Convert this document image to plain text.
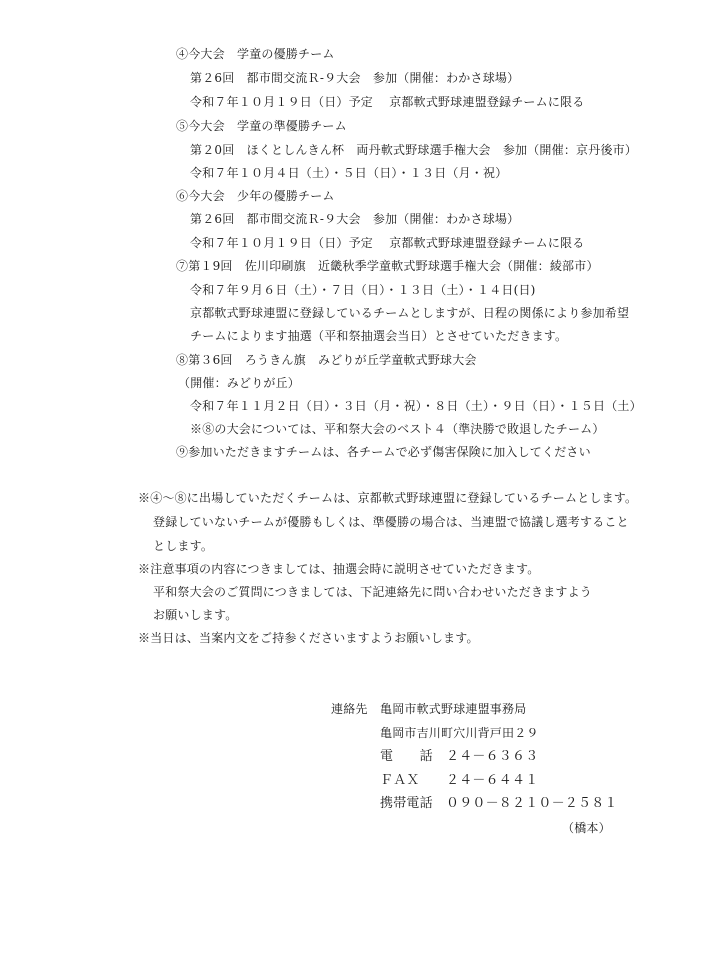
④今大会　学童の優勝チーム
第２6回　都市間交流Ｒ-９大会　参加（開催：わかさ球場）
令和７年１０月１９日（日）予定　 京都軟式野球連盟登録チームに限る
⑤今大会　学童の準優勝チーム
第２0回　ほくとしんきん杯　両丹軟式野球選手権大会　参加（開催：京丹後市）
令和７年１０月４日（土）・５日（日）・１３日（月・祝）
⑥今大会　少年の優勝チーム
第２6回　都市間交流Ｒ-９大会　参加（開催：わかさ球場）
令和７年１０月１９日（日）予定　 京都軟式野球連盟登録チームに限る
⑦第１9回　佐川印刷旗　近畿秋季学童軟式野球選手権大会（開催：綾部市）
令和７年９月６日（土）・７日（日）・１３日（土）・１４日(日)
京都軟式野球連盟に登録しているチームとしますが、日程の関係により参加希望
チームによります抽選（平和祭抽選会当日）とさせていただきます。
⑧第３6回　ろうきん旗　みどりが丘学童軟式野球大会
（開催：みどりが丘）
令和７年１１月２日（日）・３日（月・祝）・８日（土）・９日（日）・１５日（土）
※⑧の大会については、平和祭大会のベスト４（準決勝で敗退したチーム）
⑨参加いただきますチームは、各チームで必ず傷害保険に加入してください
※④～⑧に出場していただくチームは、京都軟式野球連盟に登録しているチームとします。
登録していないチームが優勝もしくは、準優勝の場合は、当連盟で協議し選考すること
とします。
※注意事項の内容につきましては、抽選会時に説明させていただきます。
平和祭大会のご質問につきましては、下記連絡先に問い合わせいただきますよう
お願いします。
※当日は、当案内文をご持参くださいますようお願いします。
連絡先 亀岡市軟式野球連盟事務局
亀岡市吉川町穴川背戸田２９
電　　話　２４－６３６３
ＦＡＸ　　２４－６４４１
携帯電話　０９０－８２１０－２５８１
（橋本）
